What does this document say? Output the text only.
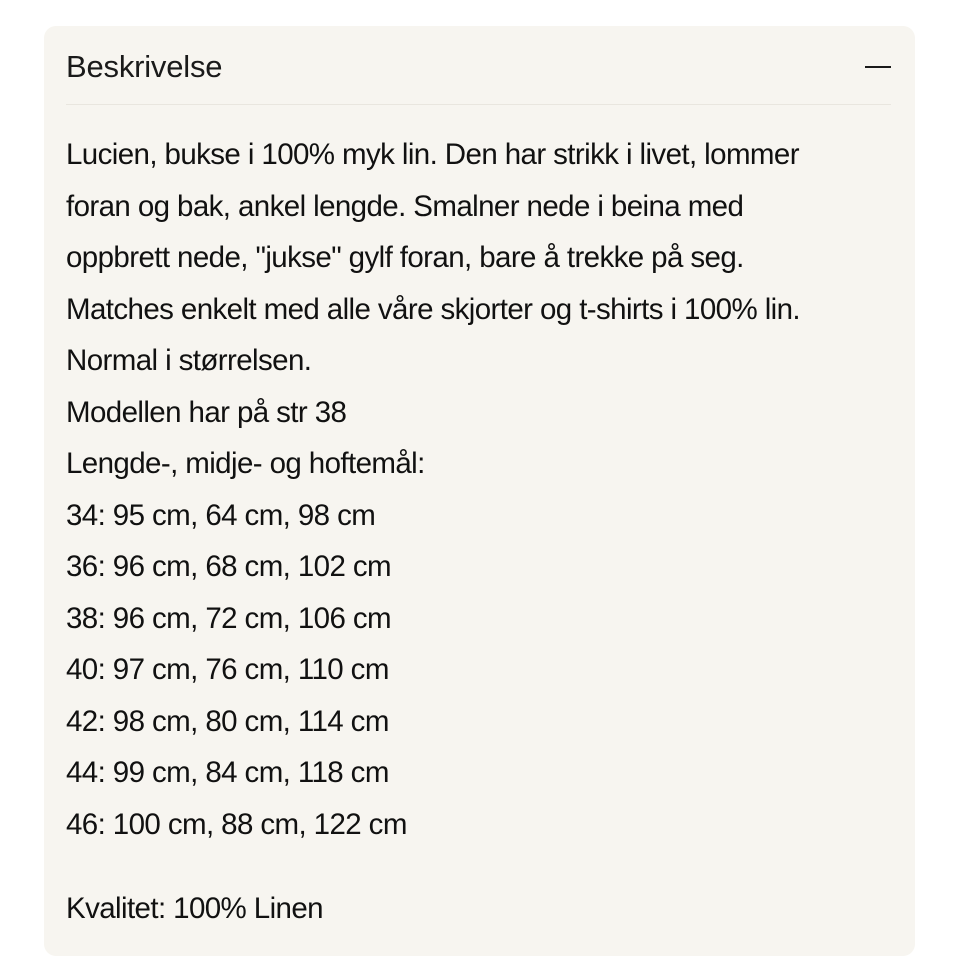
Beskrivelse
Lucien, bukse i 100% myk lin. Den har strikk i livet, lommer
foran og bak, ankel lengde. Smalner nede i beina med
oppbrett nede, "jukse" gylf foran, bare å trekke på seg.
Matches enkelt med alle våre skjorter og t-shirts i 100% lin.
Normal i størrelsen.
Modellen har på str 38
Lengde-, midje- og hoftemål:
34: 95 cm, 64 cm, 98 cm
36: 96 cm, 68 cm, 102 cm
38: 96 cm, 72 cm, 106 cm
40: 97 cm, 76 cm, 110 cm
42: 98 cm, 80 cm, 114 cm
44: 99 cm, 84 cm, 118 cm
46: 100 cm, 88 cm, 122 cm
Kvalitet: 100% Linen
